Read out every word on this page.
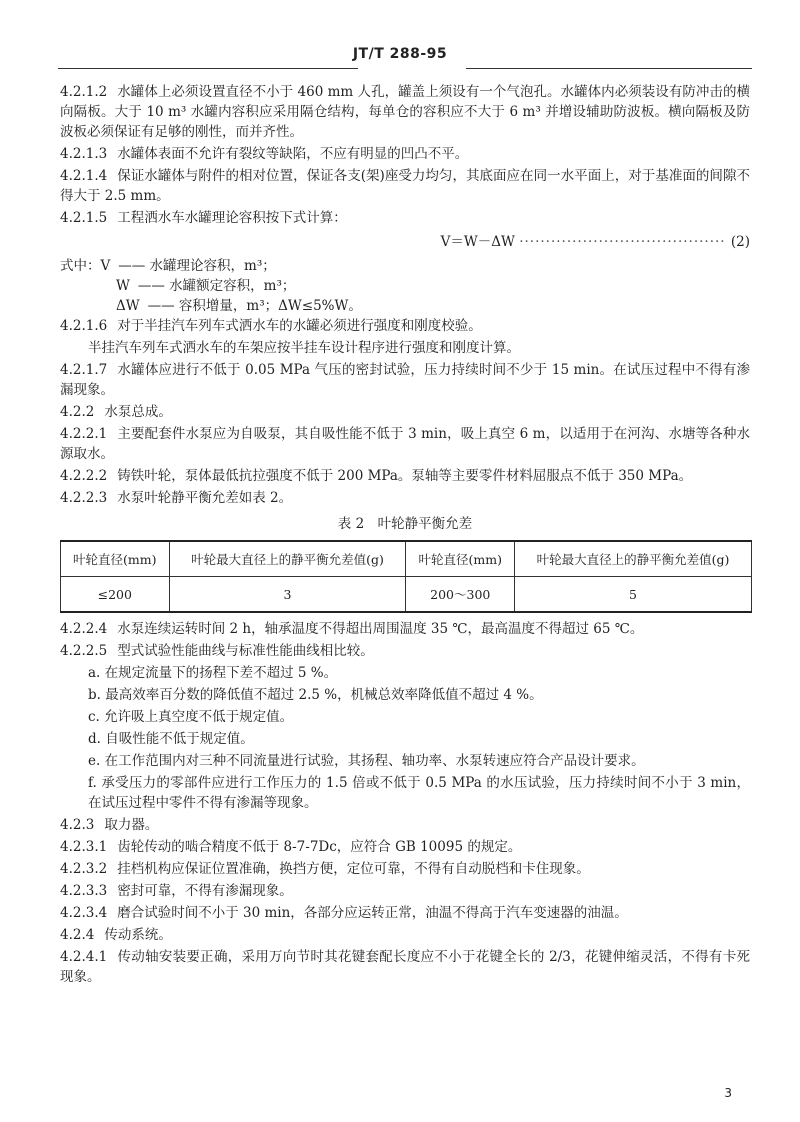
JT/T 288-95
4.2.1.2 水罐体上必须设置直径不小于 460 mm 人孔，罐盖上须设有一个气泡孔。水罐体内必须装设有防冲击的横向隔板。大于 10 m³ 水罐内容积应采用隔仓结构，每单仓的容积应不大于 6 m³ 并增设辅助防波板。横向隔板及防波板必须保证有足够的刚性，而并齐性。
4.2.1.3 水罐体表面不允许有裂纹等缺陷，不应有明显的凹凸不平。
4.2.1.4 保证水罐体与附件的相对位置，保证各支(架)座受力均匀，其底面应在同一水平面上，对于基准面的间隙不得大于 2.5 mm。
4.2.1.5 工程洒水车水罐理论容积按下式计算：
V＝W－ΔW ······································· (2)
式中：V —— 水罐理论容积，m³；
W —— 水罐额定容积，m³；
ΔW —— 容积增量，m³；ΔW≤5%W。
4.2.1.6 对于半挂汽车列车式洒水车的水罐必须进行强度和刚度校验。
半挂汽车列车式洒水车的车架应按半挂车设计程序进行强度和刚度计算。
4.2.1.7 水罐体应进行不低于 0.05 MPa 气压的密封试验，压力持续时间不少于 15 min。在试压过程中不得有渗漏现象。
4.2.2 水泵总成。
4.2.2.1 主要配套件水泵应为自吸泵，其自吸性能不低于 3 min，吸上真空 6 m，以适用于在河沟、水塘等各种水源取水。
4.2.2.2 铸铁叶轮，泵体最低抗拉强度不低于 200 MPa。泵轴等主要零件材料屈服点不低于 350 MPa。
4.2.2.3 水泵叶轮静平衡允差如表 2。
表 2　叶轮静平衡允差
叶轮直径(mm)	叶轮最大直径上的静平衡允差值(g)	叶轮直径(mm)	叶轮最大直径上的静平衡允差值(g)
≤200	3	200～300	5
4.2.2.4 水泵连续运转时间 2 h，轴承温度不得超出周围温度 35 ℃，最高温度不得超过 65 ℃。
4.2.2.5 型式试验性能曲线与标准性能曲线相比较。
a. 在规定流量下的扬程下差不超过 5 %。
b. 最高效率百分数的降低值不超过 2.5 %，机械总效率降低值不超过 4 %。
c. 允许吸上真空度不低于规定值。
d. 自吸性能不低于规定值。
e. 在工作范围内对三种不同流量进行试验，其扬程、轴功率、水泵转速应符合产品设计要求。
f. 承受压力的零部件应进行工作压力的 1.5 倍或不低于 0.5 MPa 的水压试验，压力持续时间不小于 3 min，在试压过程中零件不得有渗漏等现象。
4.2.3 取力器。
4.2.3.1 齿轮传动的啮合精度不低于 8-7-7Dc，应符合 GB 10095 的规定。
4.2.3.2 挂档机构应保证位置准确，换挡方便，定位可靠，不得有自动脱档和卡住现象。
4.2.3.3 密封可靠，不得有渗漏现象。
4.2.3.4 磨合试验时间不小于 30 min，各部分应运转正常，油温不得高于汽车变速器的油温。
4.2.4 传动系统。
4.2.4.1 传动轴安装要正确，采用万向节时其花键套配长度应不小于花键全长的 2/3，花键伸缩灵活，不得有卡死现象。
3
